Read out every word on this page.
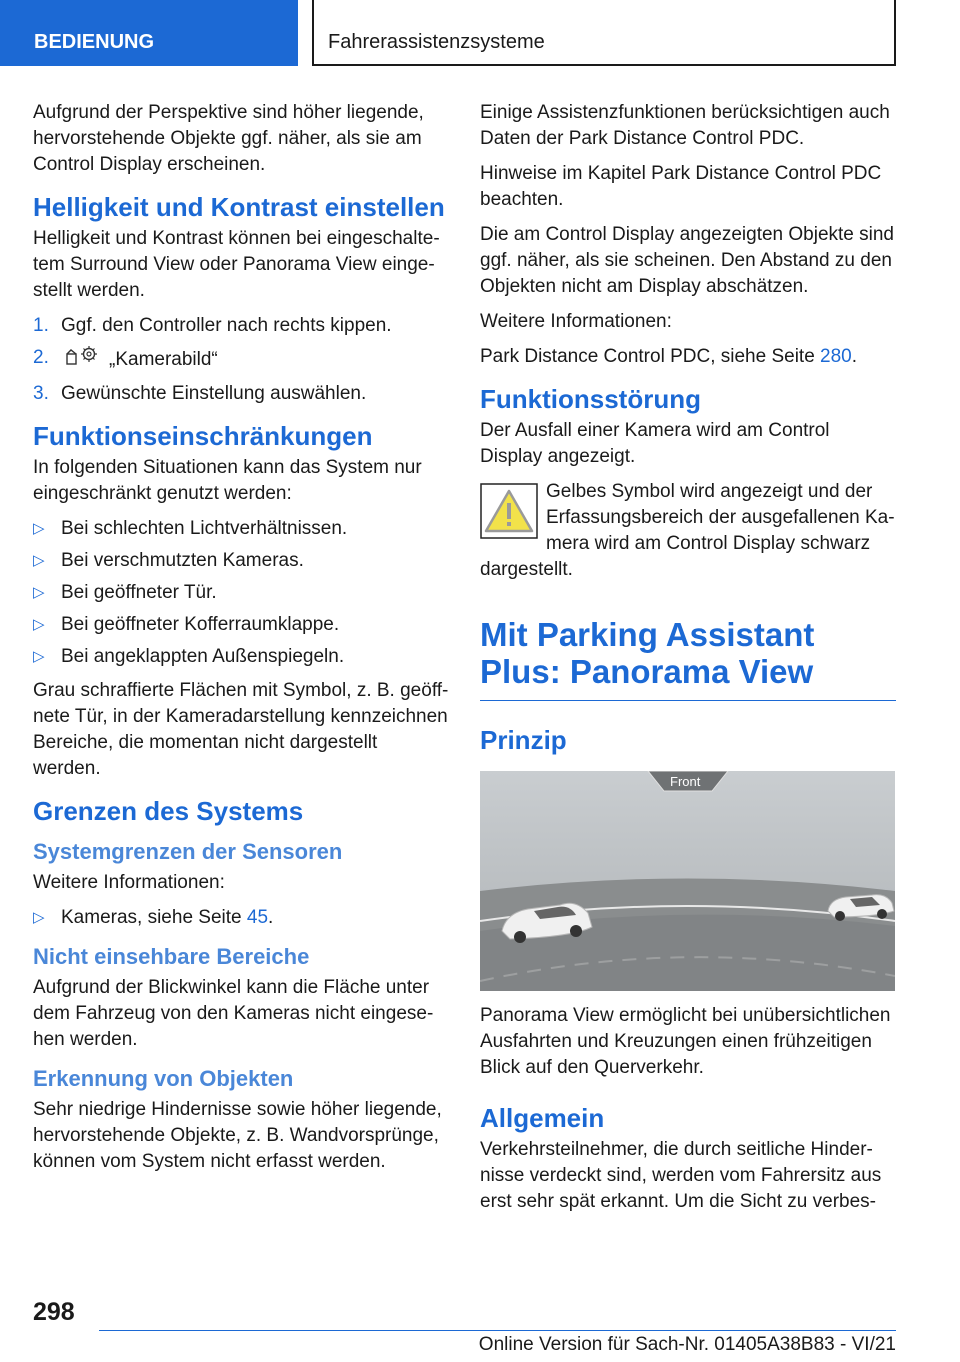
BEDIENUNG	Fahrerassistenzsysteme

Aufgrund der Perspektive sind höher liegende, hervorstehende Objekte ggf. näher, als sie am Control Display erscheinen.

Helligkeit und Kontrast einstellen

Helligkeit und Kontrast können bei eingeschaltetem Surround View oder Panorama View eingestellt werden.

1. Ggf. den Controller nach rechts kippen.
2.	„Kamerabild“
3. Gewünschte Einstellung auswählen.
Funktionseinschränkungen

In folgenden Situationen kann das System nur eingeschränkt genutzt werden:

▷ Bei schlechten Lichtverhältnissen.
▷ Bei verschmutzten Kameras.
▷ Bei geöffneter Tür.
▷ Bei geöffneter Kofferraumklappe.
▷ Bei angeklappten Außenspiegeln.

Grau schraffierte Flächen mit Symbol, z. B. geöffnete Tür, in der Kameradarstellung kennzeichnen Bereiche, die momentan nicht dargestellt werden.

Grenzen des Systems
Systemgrenzen der Sensoren

Weitere Informationen:

▷ Kameras, siehe Seite 45.
Nicht einsehbare Bereiche

Aufgrund der Blickwinkel kann die Fläche unter dem Fahrzeug von den Kameras nicht eingesehen werden.

Erkennung von Objekten

Sehr niedrige Hindernisse sowie höher liegende, hervorstehende Objekte, z. B. Wandvorsprünge, können vom System nicht erfasst werden.

Einige Assistenzfunktionen berücksichtigen auch Daten der Park Distance Control PDC.

Hinweise im Kapitel Park Distance Control PDC beachten.

Die am Control Display angezeigten Objekte sind ggf. näher, als sie scheinen. Den Abstand zu den Objekten nicht am Display abschätzen.

Weitere Informationen:

Park Distance Control PDC, siehe Seite 280.

Funktionsstörung

Der Ausfall einer Kamera wird am Control Display angezeigt.

Gelbes Symbol wird angezeigt und der Erfassungsbereich der ausgefallenen Kamera wird am Control Display schwarz dargestellt.

Mit Parking Assistant Plus: Panorama View
Prinzip
Front

Panorama View ermöglicht bei unübersichtlichen Ausfahrten und Kreuzungen einen frühzeitigen Blick auf den Querverkehr.

Allgemein

Verkehrsteilnehmer, die durch seitliche Hindernisse verdeckt sind, werden vom Fahrersitz aus erst sehr spät erkannt. Um die Sicht zu verbes-

298
Online Version für Sach-Nr. 01405A38B83 - VI/21
